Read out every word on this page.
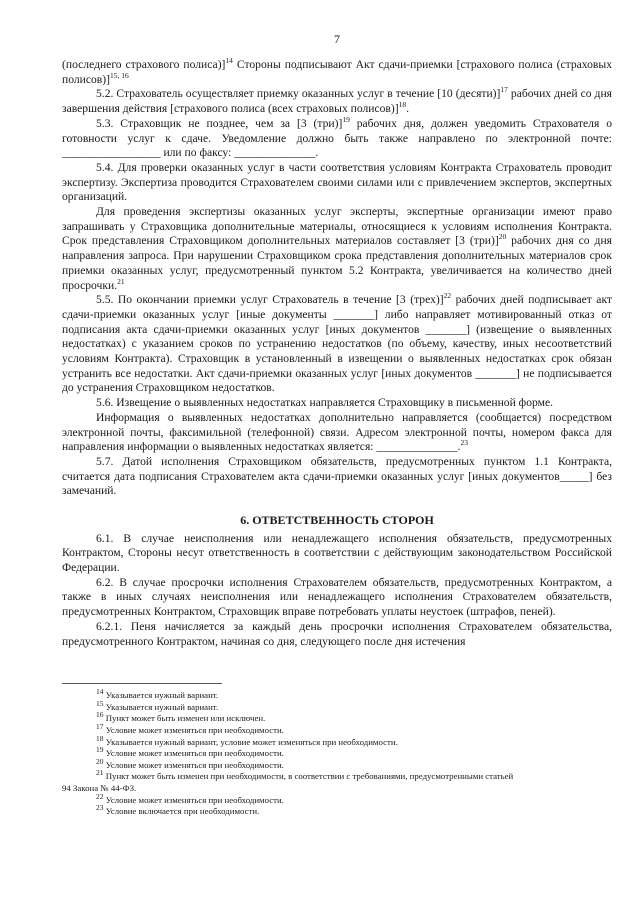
7

(последнего страхового полиса)]$^{14}$ Стороны подписывают Акт сдачи-приемки [страхового полиса (страховых полисов)]$^{15, 16}$

5.2. Страхователь осуществляет приемку оказанных услуг в течение [10 (десяти)]$^{17}$ рабочих дней со дня завершения действия [страхового полиса (всех страховых полисов)]$^{18}$.

5.3. Страховщик не позднее, чем за [3 (три)]$^{19}$ рабочих дня, должен уведомить Страхователя о готовности услуг к сдаче. Уведомление должно быть также направлено по электронной почте: _________________ или по факсу: ______________.

5.4. Для проверки оказанных услуг в части соответствия условиям Контракта Страхователь проводит экспертизу. Экспертиза проводится Страхователем своими силами или с привлечением экспертов, экспертных организаций.

Для проведения экспертизы оказанных услуг эксперты, экспертные организации имеют право запрашивать у Страховщика дополнительные материалы, относящиеся к условиям исполнения Контракта. Срок представления Страховщиком дополнительных материалов составляет [3 (три)]$^{20}$ рабочих дня со дня направления запроса. При нарушении Страховщиком срока представления дополнительных материалов срок приемки оказанных услуг, предусмотренный пунктом 5.2 Контракта, увеличивается на количество дней просрочки.$^{21}$

5.5. По окончании приемки услуг Страхователь в течение [3 (трех)]$^{22}$ рабочих дней подписывает акт сдачи-приемки оказанных услуг [иные документы _______] либо направляет мотивированный отказ от подписания акта сдачи-приемки оказанных услуг [иных документов _______] (извещение о выявленных недостатках) с указанием сроков по устранению недостатков (по объему, качеству, иных несоответствий условиям Контракта). Страховщик в установленный в извещении о выявленных недостатках срок обязан устранить все недостатки. Акт сдачи-приемки оказанных услуг [иных документов _______] не подписывается до устранения Страховщиком недостатков.

5.6. Извещение о выявленных недостатках направляется Страховщику в письменной форме.

Информация о выявленных недостатках дополнительно направляется (сообщается) посредством электронной почты, факсимильной (телефонной) связи. Адресом электронной почты, номером факса для направления информации о выявленных недостатках является: ______________.$^{23}$

5.7. Датой исполнения Страховщиком обязательств, предусмотренных пунктом 1.1 Контракта, считается дата подписания Страхователем акта сдачи-приемки оказанных услуг [иных документов_____] без замечаний.

6. ОТВЕТСТВЕННОСТЬ СТОРОН

6.1. В случае неисполнения или ненадлежащего исполнения обязательств, предусмотренных Контрактом, Стороны несут ответственность в соответствии с действующим законодательством Российской Федерации.

6.2. В случае просрочки исполнения Страхователем обязательств, предусмотренных Контрактом, а также в иных случаях неисполнения или ненадлежащего исполнения Страхователем обязательств, предусмотренных Контрактом, Страховщик вправе потребовать уплаты неустоек (штрафов, пеней).

6.2.1. Пеня начисляется за каждый день просрочки исполнения Страхователем обязательства, предусмотренного Контрактом, начиная со дня, следующего после дня истечения

$^{14}$ Указывается нужный вариант.

$^{15}$ Указывается нужный вариант.

$^{16}$ Пункт может быть изменен или исключен.

$^{17}$ Условие может изменяться при необходимости.

$^{18}$ Указывается нужный вариант, условие может изменяться при необходимости.

$^{19}$ Условие может изменяться при необходимости.

$^{20}$ Условие может изменяться при необходимости.

$^{21}$ Пункт может быть изменен при необходимости, в соответствии с требованиями, предусмотренными статьей

94 Закона № 44-ФЗ.

$^{22}$ Условие может изменяться при необходимости.

$^{23}$ Условие включается при необходимости.
